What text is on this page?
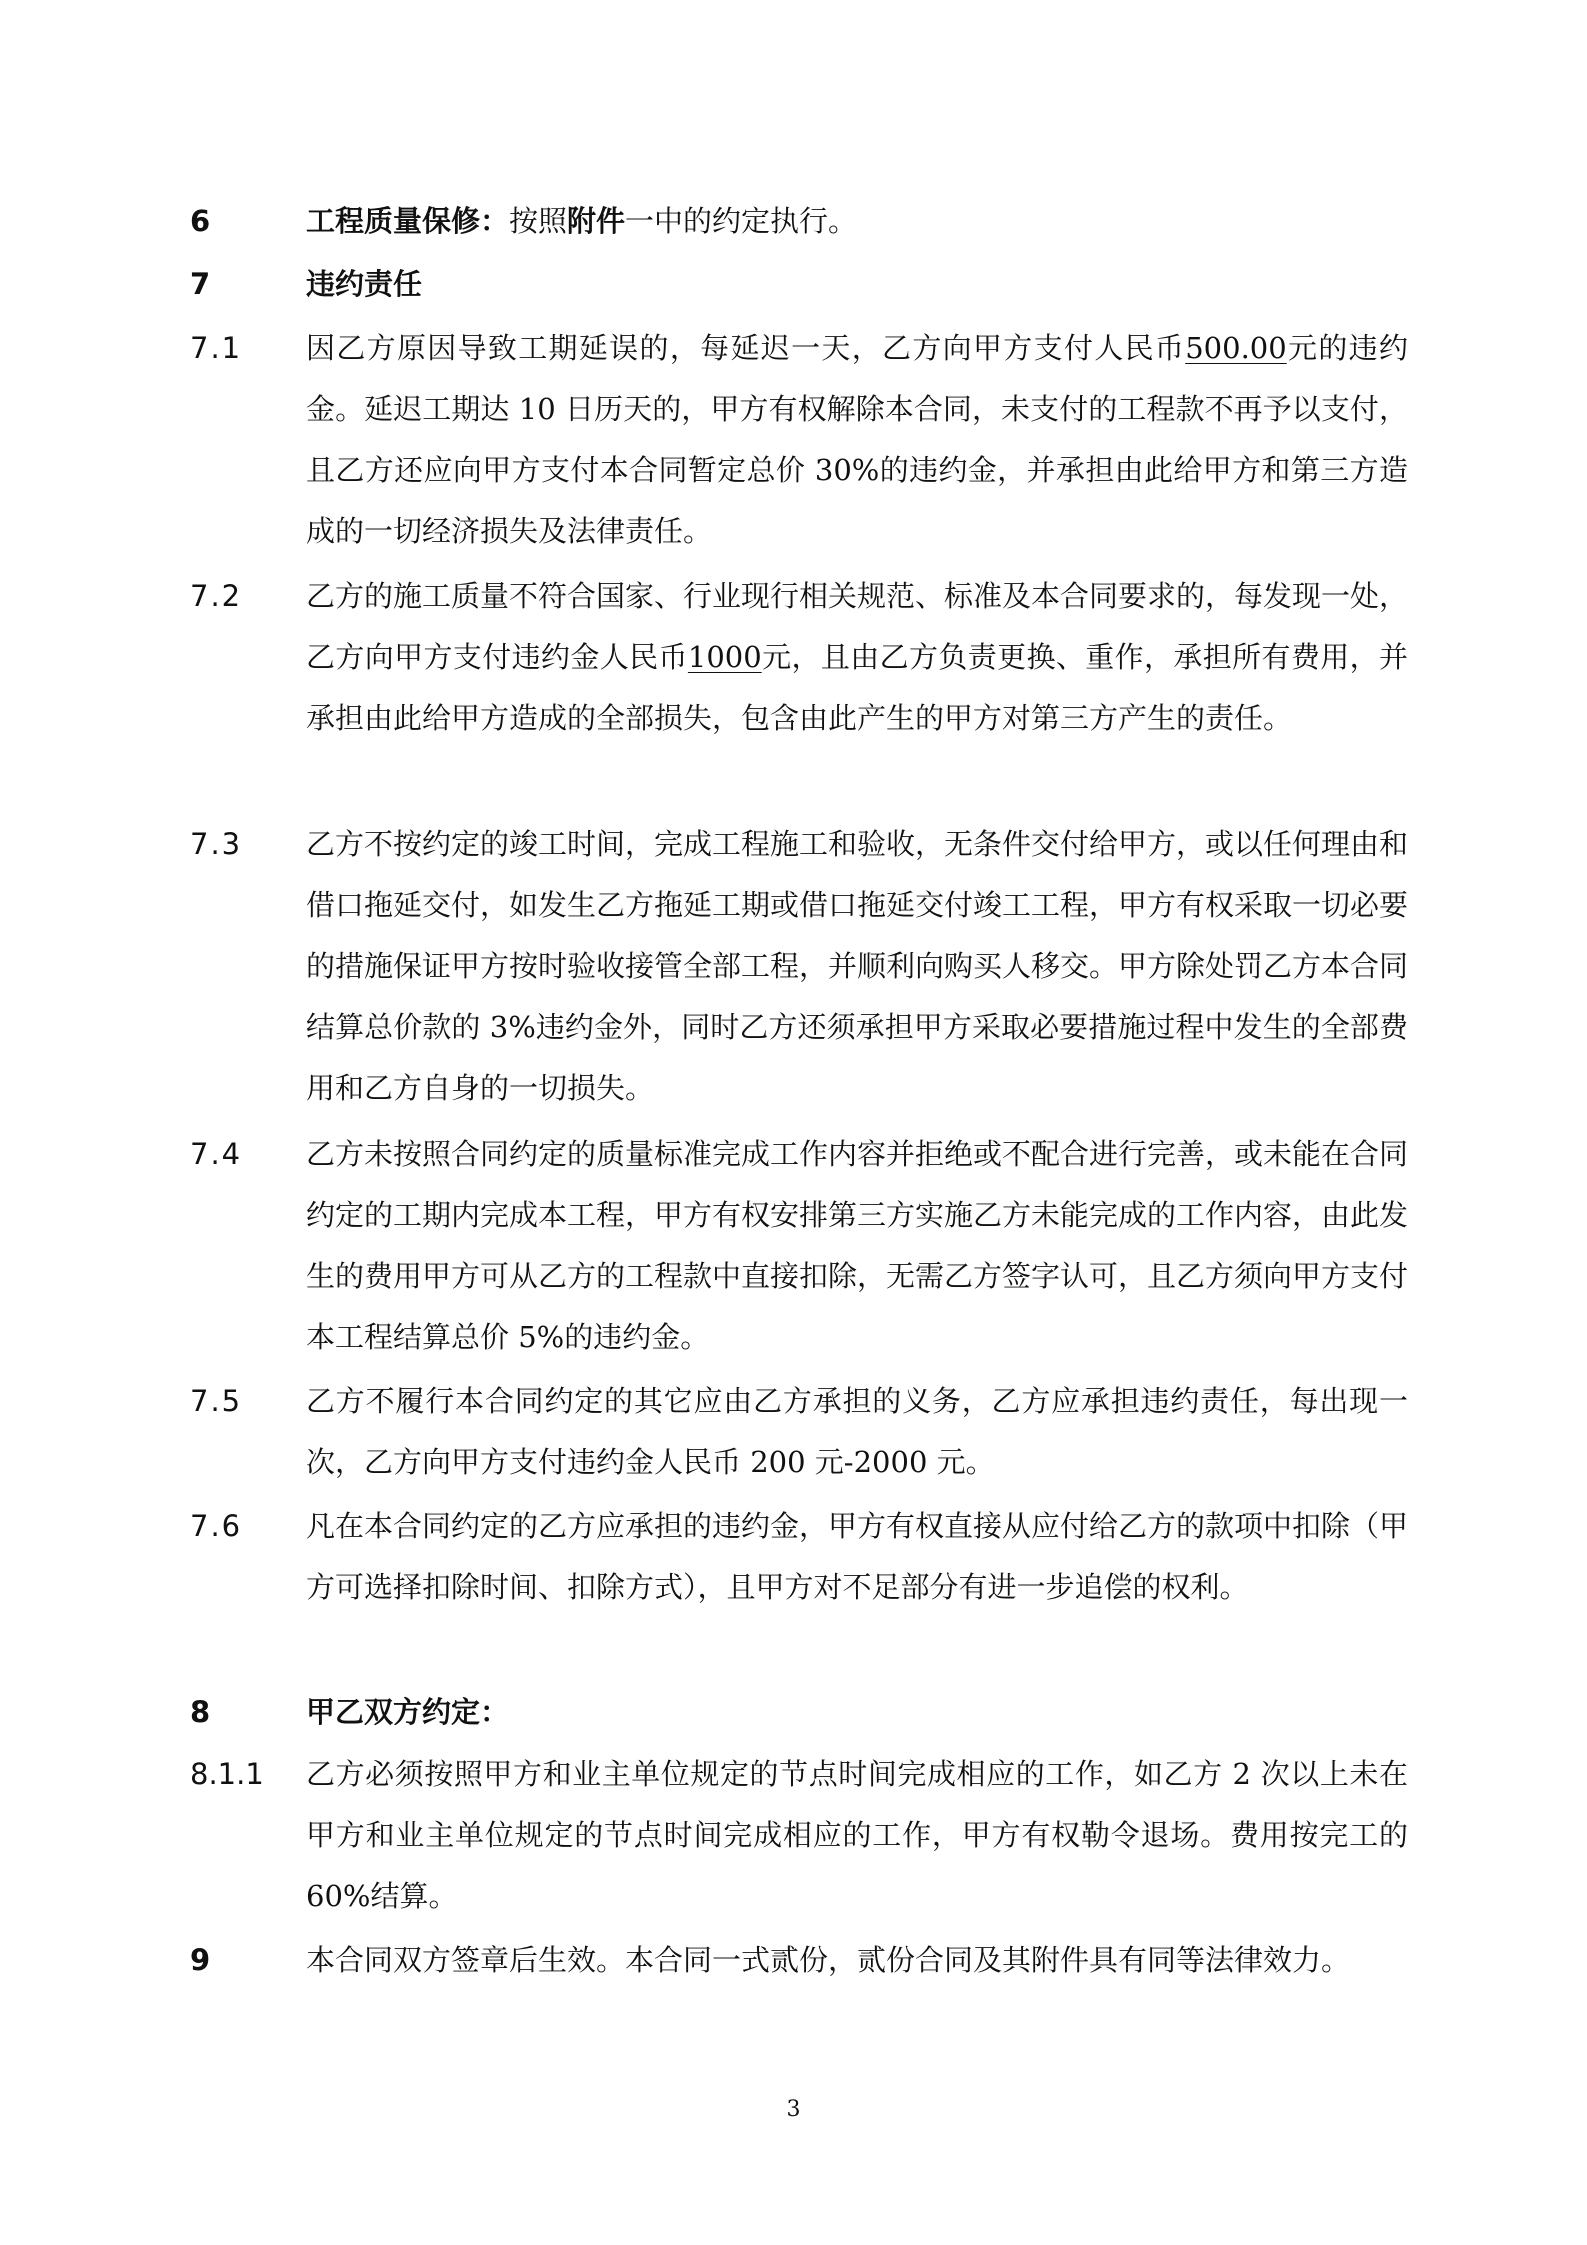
6	工程质量保修：按照附件一中的约定执行。
7	违约责任
7.1	因乙方原因导致工期延误的，每延迟一天，乙方向甲方支付人民币500.00元的违约金。延迟工期达 10 日历天的，甲方有权解除本合同，未支付的工程款不再予以支付，且乙方还应向甲方支付本合同暂定总价 30%的违约金，并承担由此给甲方和第三方造成的一切经济损失及法律责任。
7.2	乙方的施工质量不符合国家、行业现行相关规范、标准及本合同要求的，每发现一处，乙方向甲方支付违约金人民币1000元，且由乙方负责更换、重作，承担所有费用，并承担由此给甲方造成的全部损失，包含由此产生的甲方对第三方产生的责任。
7.3	乙方不按约定的竣工时间，完成工程施工和验收，无条件交付给甲方，或以任何理由和借口拖延交付，如发生乙方拖延工期或借口拖延交付竣工工程，甲方有权采取一切必要的措施保证甲方按时验收接管全部工程，并顺利向购买人移交。甲方除处罚乙方本合同结算总价款的 3%违约金外，同时乙方还须承担甲方采取必要措施过程中发生的全部费用和乙方自身的一切损失。
7.4	乙方未按照合同约定的质量标准完成工作内容并拒绝或不配合进行完善，或未能在合同约定的工期内完成本工程，甲方有权安排第三方实施乙方未能完成的工作内容，由此发生的费用甲方可从乙方的工程款中直接扣除，无需乙方签字认可，且乙方须向甲方支付本工程结算总价 5%的违约金。
7.5	乙方不履行本合同约定的其它应由乙方承担的义务，乙方应承担违约责任，每出现一次，乙方向甲方支付违约金人民币 200 元-2000 元。
7.6	凡在本合同约定的乙方应承担的违约金，甲方有权直接从应付给乙方的款项中扣除（甲方可选择扣除时间、扣除方式），且甲方对不足部分有进一步追偿的权利。
8	甲乙双方约定：
8.1.1	乙方必须按照甲方和业主单位规定的节点时间完成相应的工作，如乙方 2 次以上未在甲方和业主单位规定的节点时间完成相应的工作，甲方有权勒令退场。费用按完工的 60%结算。
9	本合同双方签章后生效。本合同一式贰份，贰份合同及其附件具有同等法律效力。
3
